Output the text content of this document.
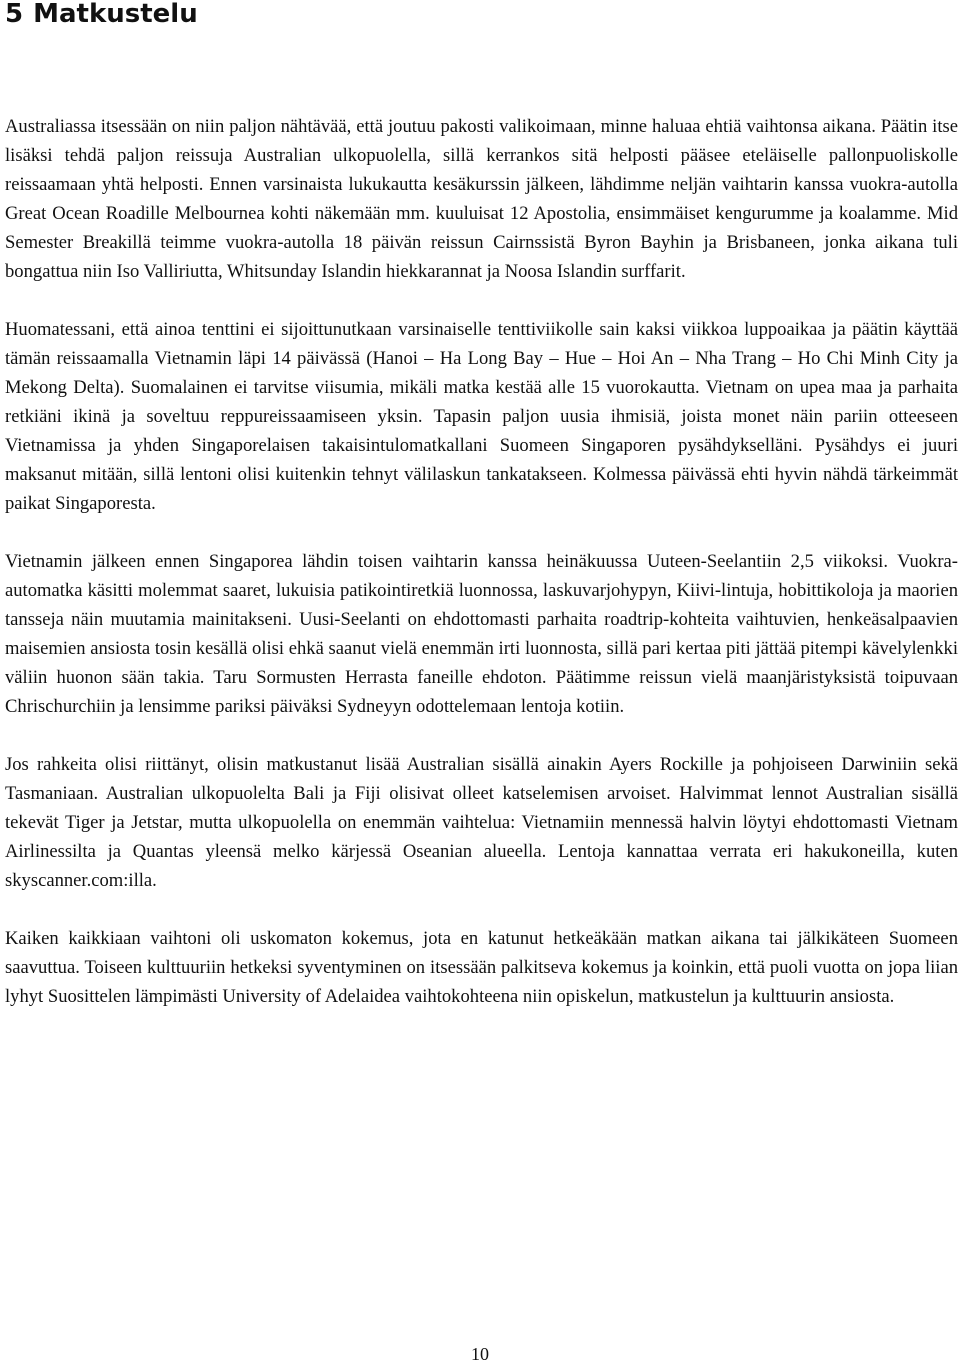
5 Matkustelu

Australiassa itsessään on niin paljon nähtävää, että joutuu pakosti valikoimaan, minne haluaa ehtiä vaihtonsa aikana. Päätin itse lisäksi tehdä paljon reissuja Australian ulkopuolella, sillä kerrankos sitä helposti pääsee eteläiselle pallonpuoliskolle reissaamaan yhtä helposti. Ennen varsinaista lukukautta kesäkurssin jälkeen, lähdimme neljän vaihtarin kanssa vuokra-autolla Great Ocean Roadille Melbournea kohti näkemään mm. kuuluisat 12 Apostolia, ensimmäiset kengurumme ja koalamme. Mid Semester Breakillä teimme vuokra-autolla 18 päivän reissun Cairnssistä Byron Bayhin ja Brisbaneen, jonka aikana tuli bongattua niin Iso Valliriutta, Whitsunday Islandin hiekkarannat ja Noosa Islandin surffarit.

Huomatessani, että ainoa tenttini ei sijoittunutkaan varsinaiselle tenttiviikolle sain kaksi viikkoa luppoaikaa ja päätin käyttää tämän reissaamalla Vietnamin läpi 14 päivässä (Hanoi – Ha Long Bay – Hue – Hoi An – Nha Trang – Ho Chi Minh City ja Mekong Delta). Suomalainen ei tarvitse viisumia, mikäli matka kestää alle 15 vuorokautta. Vietnam on upea maa ja parhaita retkiäni ikinä ja soveltuu reppureissaamiseen yksin. Tapasin paljon uusia ihmisiä, joista monet näin pariin otteeseen Vietnamissa ja yhden Singaporelaisen takaisintulomatkallani Suomeen Singaporen pysähdykselläni. Pysähdys ei juuri maksanut mitään, sillä lentoni olisi kuitenkin tehnyt välilaskun tankatakseen. Kolmessa päivässä ehti hyvin nähdä tärkeimmät paikat Singaporesta.

Vietnamin jälkeen ennen Singaporea lähdin toisen vaihtarin kanssa heinäkuussa Uuteen-Seelantiin 2,5 viikoksi. Vuokra-automatka käsitti molemmat saaret, lukuisia patikointiretkiä luonnossa, laskuvarjohypyn, Kiivi-lintuja, hobittikoloja ja maorien tansseja näin muutamia mainitakseni. Uusi-Seelanti on ehdottomasti parhaita roadtrip-kohteita vaihtuvien, henkeäsalpaavien maisemien ansiosta tosin kesällä olisi ehkä saanut vielä enemmän irti luonnosta, sillä pari kertaa piti jättää pitempi kävelylenkki väliin huonon sään takia. Taru Sormusten Herrasta faneille ehdoton. Päätimme reissun vielä maanjäristyksistä toipuvaan Chrischurchiin ja lensimme pariksi päiväksi Sydneyyn odottelemaan lentoja kotiin.

Jos rahkeita olisi riittänyt, olisin matkustanut lisää Australian sisällä ainakin Ayers Rockille ja pohjoiseen Darwiniin sekä Tasmaniaan. Australian ulkopuolelta Bali ja Fiji olisivat olleet katselemisen arvoiset. Halvimmat lennot Australian sisällä tekevät Tiger ja Jetstar, mutta ulkopuolella on enemmän vaihtelua: Vietnamiin mennessä halvin löytyi ehdottomasti Vietnam Airlinessilta ja Quantas yleensä melko kärjessä Oseanian alueella. Lentoja kannattaa verrata eri hakukoneilla, kuten skyscanner.com:illa.

Kaiken kaikkiaan vaihtoni oli uskomaton kokemus, jota en katunut hetkeäkään matkan aikana tai jälkikäteen Suomeen saavuttua. Toiseen kulttuuriin hetkeksi syventyminen on itsessään palkitseva kokemus ja koinkin, että puoli vuotta on jopa liian lyhyt Suosittelen lämpimästi University of Adelaidea vaihtokohteena niin opiskelun, matkustelun ja kulttuurin ansiosta.

10
